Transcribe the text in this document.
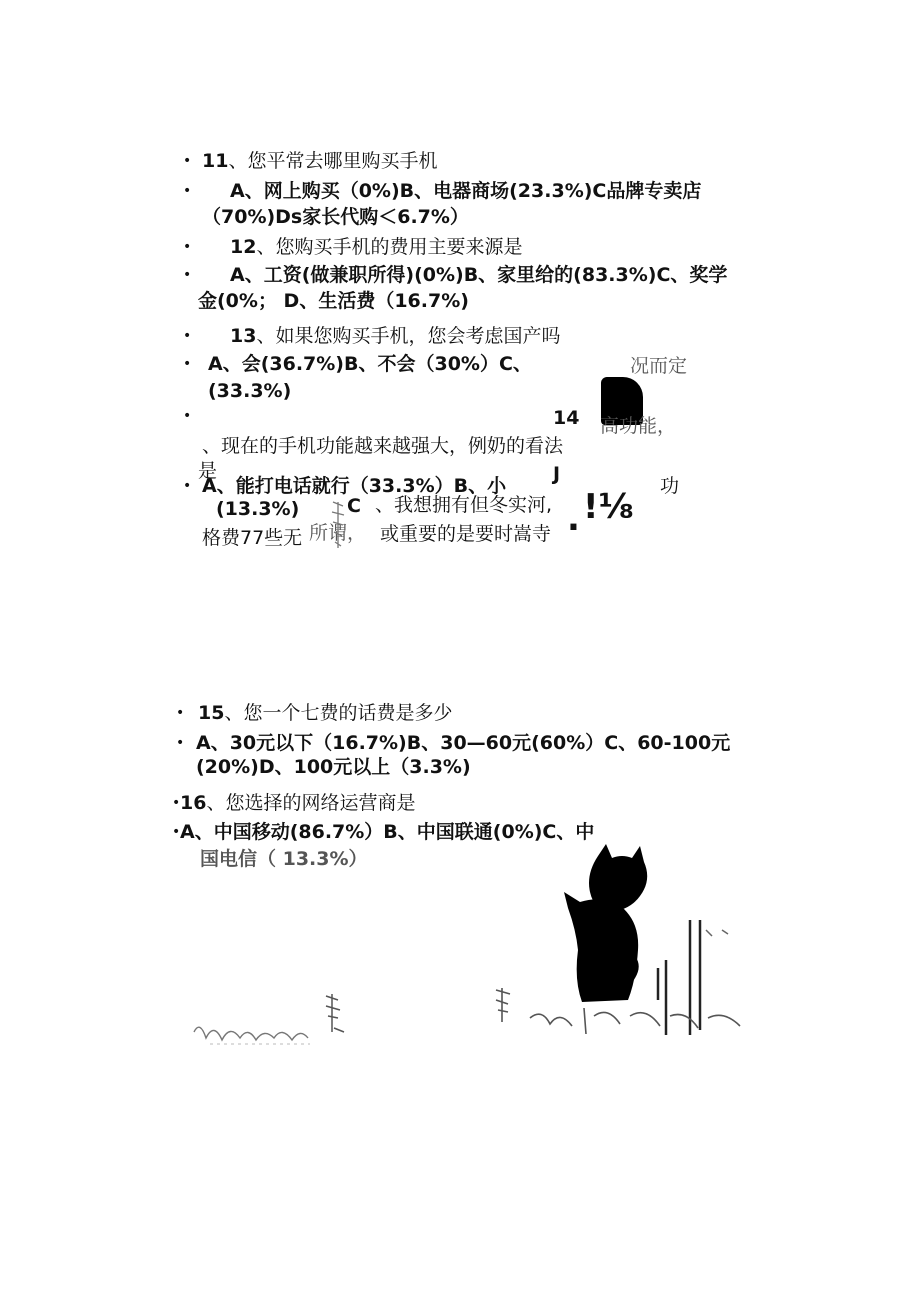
• 11、您平常去哪里购买手机
• A、网上购买（0%)B、电器商场(23.3%)C品牌专卖店
（70%)Ds家长代购＜6.7%）
• 12、您购买手机的费用主要来源是
• A、工资(做兼职所得)(0%)B、家里给的(83.3%)C、奖学
金(0%； D、生活费（16.7%)
• 13、如果您购买手机，您会考虑国产吗
• A、会(36.7%)B、不会（30%）C、
(33.3%)
况而定
•	14 高功能，
、现在的手机功能越来越强大，例奶的看法
是
• A、能打电话就行（33.3%）B、小
J
功
(13.3%)	C 、我想拥有但冬实河, !⅛
.
格费77些无 所谓， 或重要的是要时嵩寺
• 15、您一个七费的话费是多少
• A、30元以下（16.7%)B、30—60元(60%）C、60-100元
(20%)D、100元以上（3.3%)
• 16、您选择的网络运营商是
• A、中国移动(86.7%）B、中国联通(0%)C、中
国电信（ 13.3%）
